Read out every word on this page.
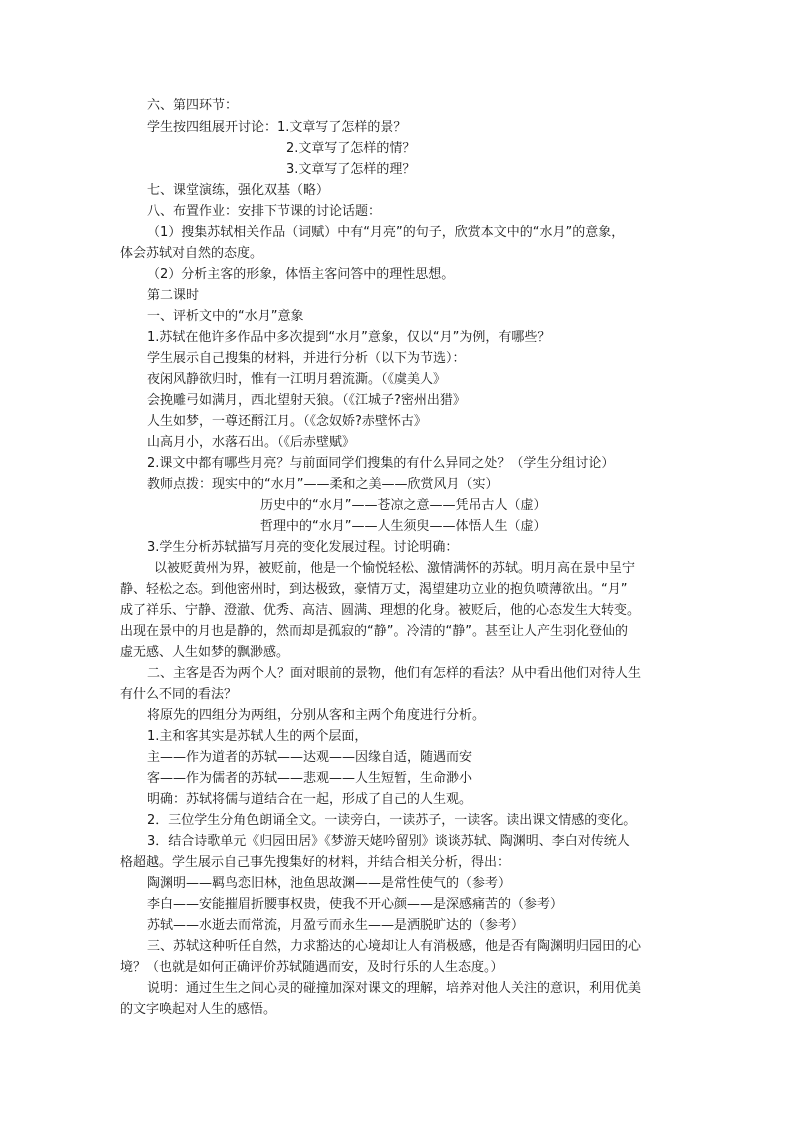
六、第四环节：
学生按四组展开讨论：1.文章写了怎样的景？
2.文章写了怎样的情？
3.文章写了怎样的理？
七、课堂演练，强化双基（略）
八、布置作业：安排下节课的讨论话题：
（1）搜集苏轼相关作品（词赋）中有“月亮”的句子，欣赏本文中的“水月”的意象，
体会苏轼对自然的态度。
（2）分析主客的形象，体悟主客问答中的理性思想。
第二课时
一、评析文中的“水月”意象
1.苏轼在他许多作品中多次提到“水月”意象，仅以“月”为例，有哪些？
学生展示自己搜集的材料，并进行分析（以下为节选）：
夜闲风静欲归时，惟有一江明月碧流澌。（《虞美人》
会挽雕弓如满月，西北望射天狼。（《江城子?密州出猎》
人生如梦，一尊还酹江月。（《念奴娇?赤壁怀古》
山高月小，水落石出。（《后赤壁赋》
2.课文中都有哪些月亮？与前面同学们搜集的有什么异同之处？（学生分组讨论）
教师点拨：现实中的“水月”——柔和之美——欣赏风月（实）
历史中的“水月”——苍凉之意——凭吊古人（虚）
哲理中的“水月”——人生须臾——体悟人生（虚）
3.学生分析苏轼描写月亮的变化发展过程。讨论明确：
以被贬黄州为界，被贬前，他是一个愉悦轻松、激情满怀的苏轼。明月高在景中呈宁
静、轻松之态。到他密州时，到达极致，豪情万丈，渴望建功立业的抱负喷薄欲出。“月”
成了祥乐、宁静、澄澈、优秀、高洁、圆满、理想的化身。被贬后，他的心态发生大转变。
出现在景中的月也是静的，然而却是孤寂的“静”。冷清的“静”。甚至让人产生羽化登仙的
虚无感、人生如梦的飘渺感。
二、主客是否为两个人？面对眼前的景物，他们有怎样的看法？从中看出他们对待人生
有什么不同的看法？
将原先的四组分为两组，分别从客和主两个角度进行分析。
1.主和客其实是苏轼人生的两个层面，
主——作为道者的苏轼——达观——因缘自适，随遇而安
客——作为儒者的苏轼——悲观——人生短暂，生命渺小
明确：苏轼将儒与道结合在一起，形成了自己的人生观。
2．三位学生分角色朗诵全文。一读旁白，一读苏子，一读客。读出课文情感的变化。
3．结合诗歌单元《归园田居》《梦游天姥吟留别》谈谈苏轼、陶渊明、李白对传统人
格超越。学生展示自己事先搜集好的材料，并结合相关分析，得出：
陶渊明——羁鸟恋旧林，池鱼思故渊——是常性使气的（参考）
李白——安能摧眉折腰事权贵，使我不开心颜——是深感痛苦的（参考）
苏轼——水逝去而常流，月盈亏而永生——是洒脱旷达的（参考）
三、苏轼这种听任自然，力求豁达的心境却让人有消极感，他是否有陶渊明归园田的心
境？（也就是如何正确评价苏轼随遇而安，及时行乐的人生态度。）
说明：通过生生之间心灵的碰撞加深对课文的理解，培养对他人关注的意识，利用优美
的文字唤起对人生的感悟。
